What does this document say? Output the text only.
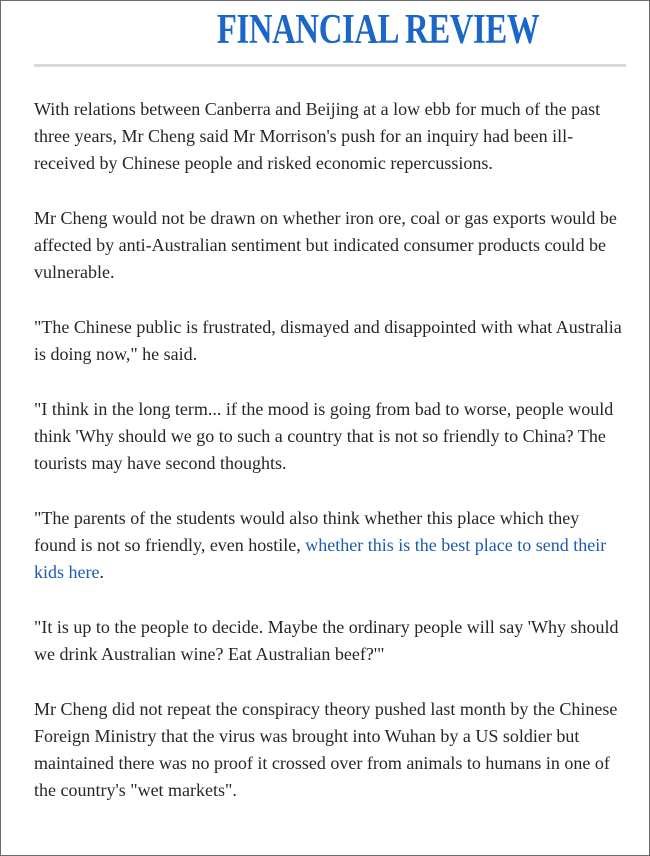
FINANCIAL REVIEW

With relations between Canberra and Beijing at a low ebb for much of the past three years, Mr Cheng said Mr Morrison's push for an inquiry had been ill-received by Chinese people and risked economic repercussions.

Mr Cheng would not be drawn on whether iron ore, coal or gas exports would be affected by anti-Australian sentiment but indicated consumer products could be vulnerable.

"The Chinese public is frustrated, dismayed and disappointed with what Australia is doing now," he said.

"I think in the long term... if the mood is going from bad to worse, people would think 'Why should we go to such a country that is not so friendly to China? The tourists may have second thoughts.

"The parents of the students would also think whether this place which they found is not so friendly, even hostile, whether this is the best place to send their kids here.

"It is up to the people to decide. Maybe the ordinary people will say 'Why should we drink Australian wine? Eat Australian beef?'"

Mr Cheng did not repeat the conspiracy theory pushed last month by the Chinese Foreign Ministry that the virus was brought into Wuhan by a US soldier but maintained there was no proof it crossed over from animals to humans in one of the country's "wet markets".
